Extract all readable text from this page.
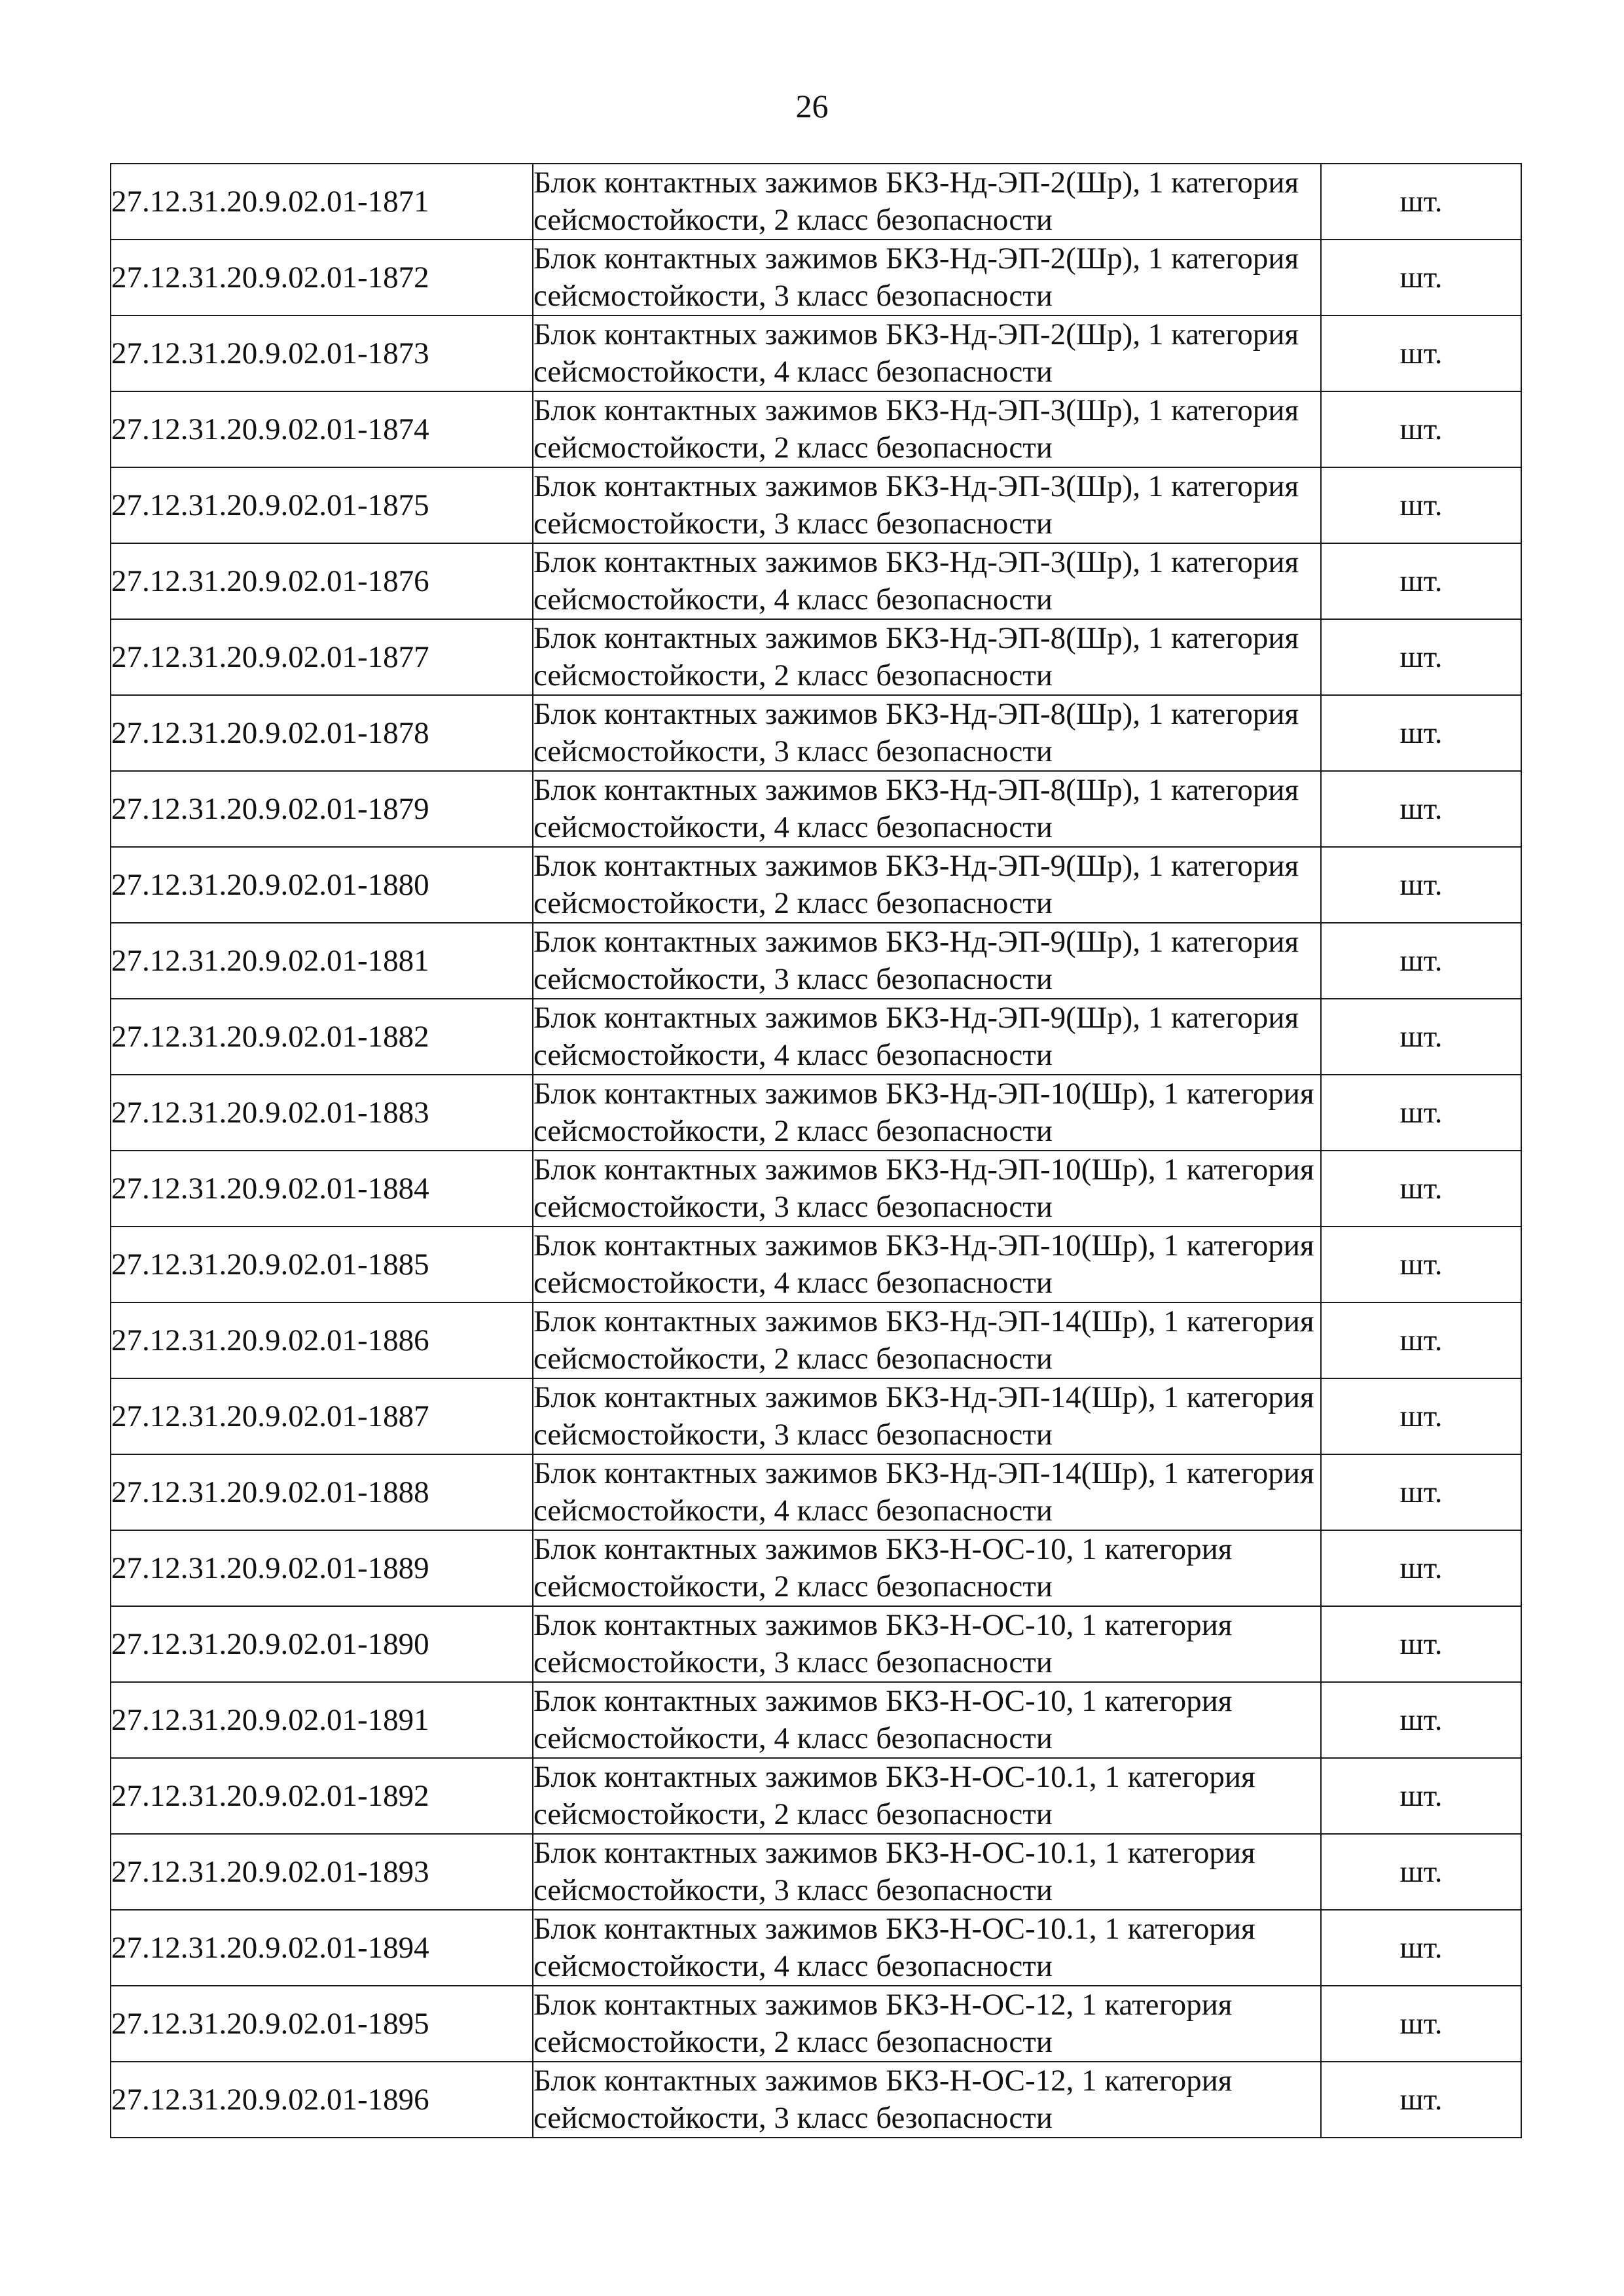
26
27.12.31.20.9.02.01-1871	Блок контактных зажимов БКЗ-Нд-ЭП-2(Шр), 1 категория сейсмостойкости, 2 класс безопасности	шт.
27.12.31.20.9.02.01-1872	Блок контактных зажимов БКЗ-Нд-ЭП-2(Шр), 1 категория сейсмостойкости, 3 класс безопасности	шт.
27.12.31.20.9.02.01-1873	Блок контактных зажимов БКЗ-Нд-ЭП-2(Шр), 1 категория сейсмостойкости, 4 класс безопасности	шт.
27.12.31.20.9.02.01-1874	Блок контактных зажимов БКЗ-Нд-ЭП-3(Шр), 1 категория сейсмостойкости, 2 класс безопасности	шт.
27.12.31.20.9.02.01-1875	Блок контактных зажимов БКЗ-Нд-ЭП-3(Шр), 1 категория сейсмостойкости, 3 класс безопасности	шт.
27.12.31.20.9.02.01-1876	Блок контактных зажимов БКЗ-Нд-ЭП-3(Шр), 1 категория сейсмостойкости, 4 класс безопасности	шт.
27.12.31.20.9.02.01-1877	Блок контактных зажимов БКЗ-Нд-ЭП-8(Шр), 1 категория сейсмостойкости, 2 класс безопасности	шт.
27.12.31.20.9.02.01-1878	Блок контактных зажимов БКЗ-Нд-ЭП-8(Шр), 1 категория сейсмостойкости, 3 класс безопасности	шт.
27.12.31.20.9.02.01-1879	Блок контактных зажимов БКЗ-Нд-ЭП-8(Шр), 1 категория сейсмостойкости, 4 класс безопасности	шт.
27.12.31.20.9.02.01-1880	Блок контактных зажимов БКЗ-Нд-ЭП-9(Шр), 1 категория сейсмостойкости, 2 класс безопасности	шт.
27.12.31.20.9.02.01-1881	Блок контактных зажимов БКЗ-Нд-ЭП-9(Шр), 1 категория сейсмостойкости, 3 класс безопасности	шт.
27.12.31.20.9.02.01-1882	Блок контактных зажимов БКЗ-Нд-ЭП-9(Шр), 1 категория сейсмостойкости, 4 класс безопасности	шт.
27.12.31.20.9.02.01-1883	Блок контактных зажимов БКЗ-Нд-ЭП-10(Шр), 1 категория сейсмостойкости, 2 класс безопасности	шт.
27.12.31.20.9.02.01-1884	Блок контактных зажимов БКЗ-Нд-ЭП-10(Шр), 1 категория сейсмостойкости, 3 класс безопасности	шт.
27.12.31.20.9.02.01-1885	Блок контактных зажимов БКЗ-Нд-ЭП-10(Шр), 1 категория сейсмостойкости, 4 класс безопасности	шт.
27.12.31.20.9.02.01-1886	Блок контактных зажимов БКЗ-Нд-ЭП-14(Шр), 1 категория сейсмостойкости, 2 класс безопасности	шт.
27.12.31.20.9.02.01-1887	Блок контактных зажимов БКЗ-Нд-ЭП-14(Шр), 1 категория сейсмостойкости, 3 класс безопасности	шт.
27.12.31.20.9.02.01-1888	Блок контактных зажимов БКЗ-Нд-ЭП-14(Шр), 1 категория сейсмостойкости, 4 класс безопасности	шт.
27.12.31.20.9.02.01-1889	Блок контактных зажимов БКЗ-Н-ОС-10, 1 категория сейсмостойкости, 2 класс безопасности	шт.
27.12.31.20.9.02.01-1890	Блок контактных зажимов БКЗ-Н-ОС-10, 1 категория сейсмостойкости, 3 класс безопасности	шт.
27.12.31.20.9.02.01-1891	Блок контактных зажимов БКЗ-Н-ОС-10, 1 категория сейсмостойкости, 4 класс безопасности	шт.
27.12.31.20.9.02.01-1892	Блок контактных зажимов БКЗ-Н-ОС-10.1, 1 категория сейсмостойкости, 2 класс безопасности	шт.
27.12.31.20.9.02.01-1893	Блок контактных зажимов БКЗ-Н-ОС-10.1, 1 категория сейсмостойкости, 3 класс безопасности	шт.
27.12.31.20.9.02.01-1894	Блок контактных зажимов БКЗ-Н-ОС-10.1, 1 категория сейсмостойкости, 4 класс безопасности	шт.
27.12.31.20.9.02.01-1895	Блок контактных зажимов БКЗ-Н-ОС-12, 1 категория сейсмостойкости, 2 класс безопасности	шт.
27.12.31.20.9.02.01-1896	Блок контактных зажимов БКЗ-Н-ОС-12, 1 категория сейсмостойкости, 3 класс безопасности	шт.
